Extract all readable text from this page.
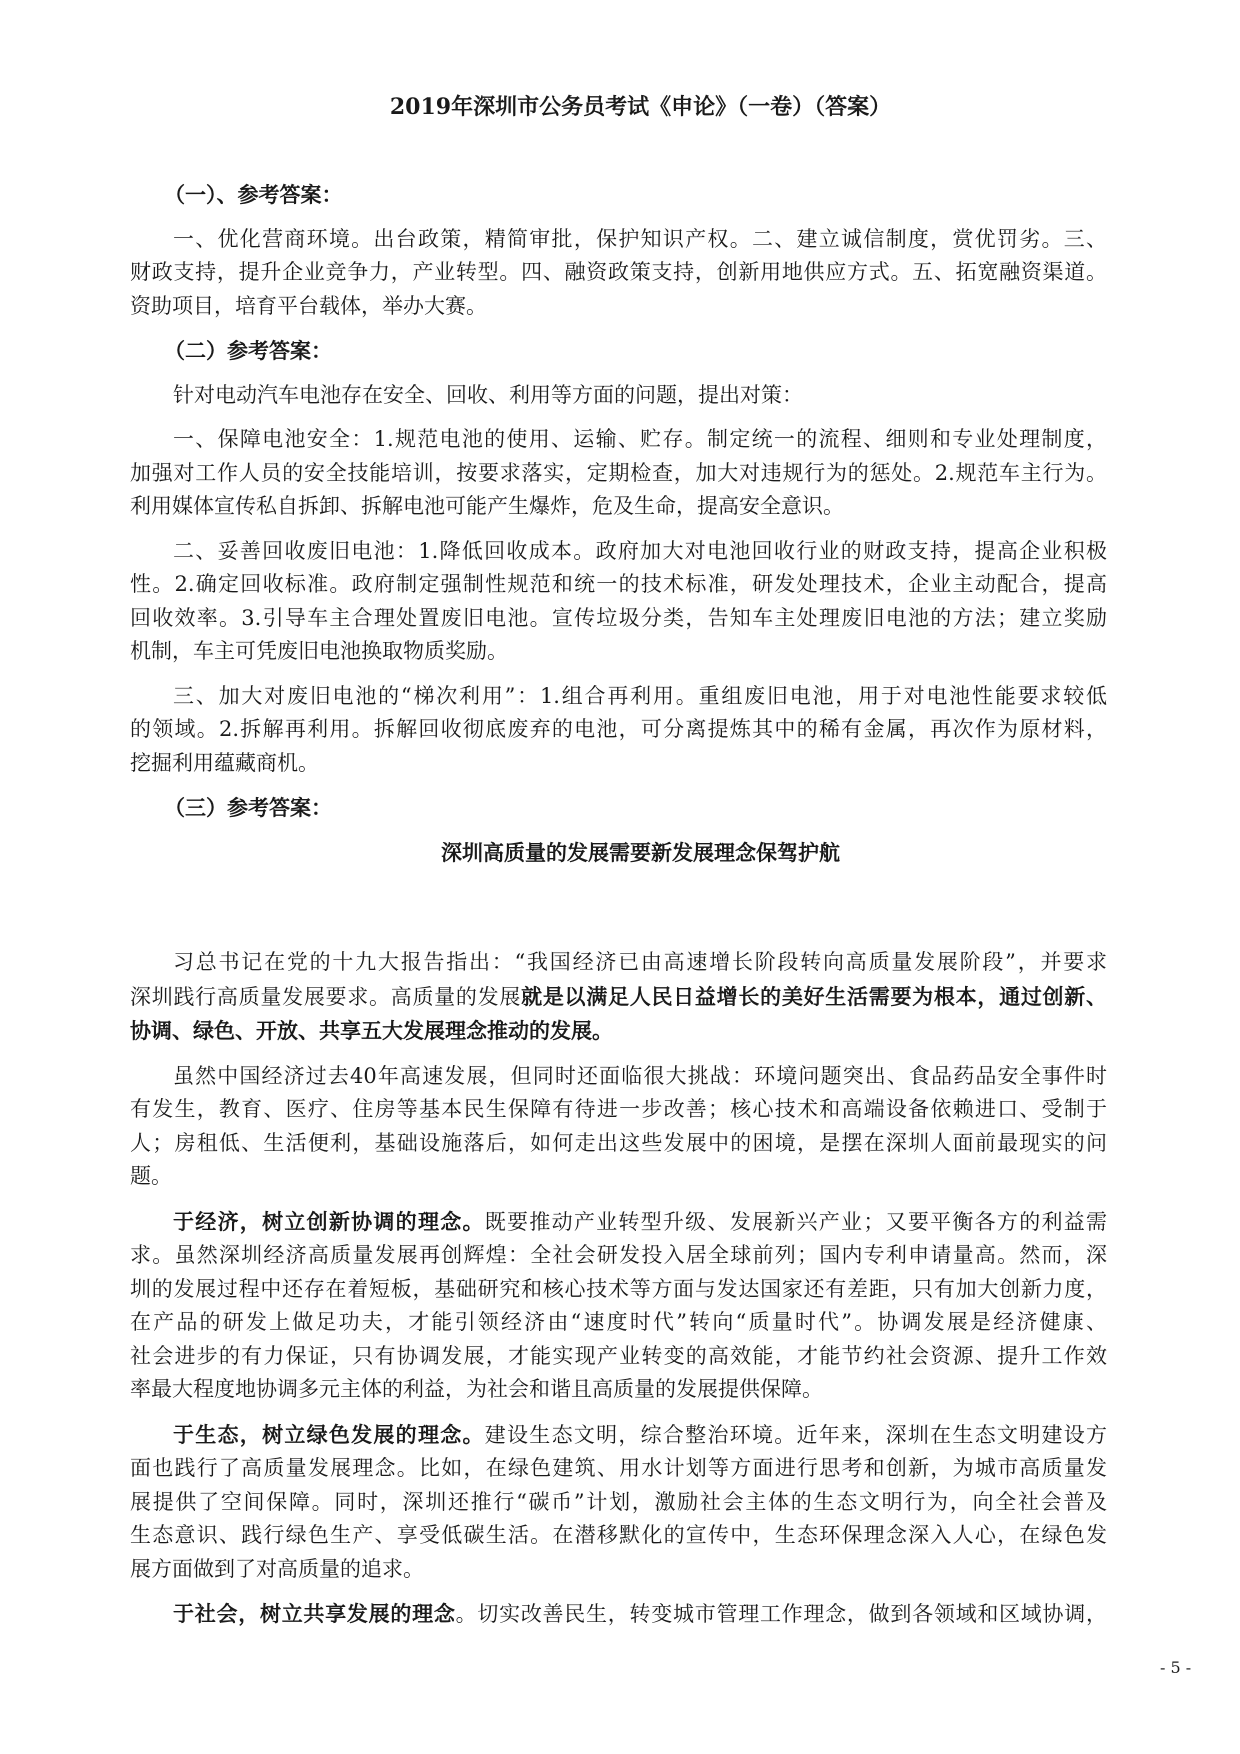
2019年深圳市公务员考试《申论》（一卷）（答案）
（一）、参考答案：
一、优化营商环境。出台政策，精简审批，保护知识产权。二、建立诚信制度，赏优罚劣。三、
财政支持，提升企业竞争力，产业转型。四、融资政策支持，创新用地供应方式。五、拓宽融资渠道。
资助项目，培育平台载体，举办大赛。
（二）参考答案：
针对电动汽车电池存在安全、回收、利用等方面的问题，提出对策：
一、保障电池安全：1.规范电池的使用、运输、贮存。制定统一的流程、细则和专业处理制度，
加强对工作人员的安全技能培训，按要求落实，定期检查，加大对违规行为的惩处。2.规范车主行为。
利用媒体宣传私自拆卸、拆解电池可能产生爆炸，危及生命，提高安全意识。
二、妥善回收废旧电池：1.降低回收成本。政府加大对电池回收行业的财政支持，提高企业积极
性。2.确定回收标准。政府制定强制性规范和统一的技术标准，研发处理技术，企业主动配合，提高
回收效率。3.引导车主合理处置废旧电池。宣传垃圾分类，告知车主处理废旧电池的方法；建立奖励
机制，车主可凭废旧电池换取物质奖励。
三、加大对废旧电池的“梯次利用”：1.组合再利用。重组废旧电池，用于对电池性能要求较低
的领域。2.拆解再利用。拆解回收彻底废弃的电池，可分离提炼其中的稀有金属，再次作为原材料，
挖掘利用蕴藏商机。
（三）参考答案：
深圳高质量的发展需要新发展理念保驾护航
习总书记在党的十九大报告指出：“我国经济已由高速增长阶段转向高质量发展阶段”，并要求
深圳践行高质量发展要求。高质量的发展就是以满足人民日益增长的美好生活需要为根本，通过创新、
协调、绿色、开放、共享五大发展理念推动的发展。
虽然中国经济过去40年高速发展，但同时还面临很大挑战：环境问题突出、食品药品安全事件时
有发生，教育、医疗、住房等基本民生保障有待进一步改善；核心技术和高端设备依赖进口、受制于
人；房租低、生活便利，基础设施落后，如何走出这些发展中的困境，是摆在深圳人面前最现实的问
题。
于经济，树立创新协调的理念。既要推动产业转型升级、发展新兴产业；又要平衡各方的利益需
求。虽然深圳经济高质量发展再创辉煌：全社会研发投入居全球前列；国内专利申请量高。然而，深
圳的发展过程中还存在着短板，基础研究和核心技术等方面与发达国家还有差距，只有加大创新力度，
在产品的研发上做足功夫，才能引领经济由“速度时代”转向“质量时代”。协调发展是经济健康、
社会进步的有力保证，只有协调发展，才能实现产业转变的高效能，才能节约社会资源、提升工作效
率最大程度地协调多元主体的利益，为社会和谐且高质量的发展提供保障。
于生态，树立绿色发展的理念。建设生态文明，综合整治环境。近年来，深圳在生态文明建设方
面也践行了高质量发展理念。比如，在绿色建筑、用水计划等方面进行思考和创新，为城市高质量发
展提供了空间保障。同时，深圳还推行“碳币”计划，激励社会主体的生态文明行为，向全社会普及
生态意识、践行绿色生产、享受低碳生活。在潜移默化的宣传中，生态环保理念深入人心，在绿色发
展方面做到了对高质量的追求。
于社会，树立共享发展的理念。切实改善民生，转变城市管理工作理念，做到各领域和区域协调，
- 5 -
